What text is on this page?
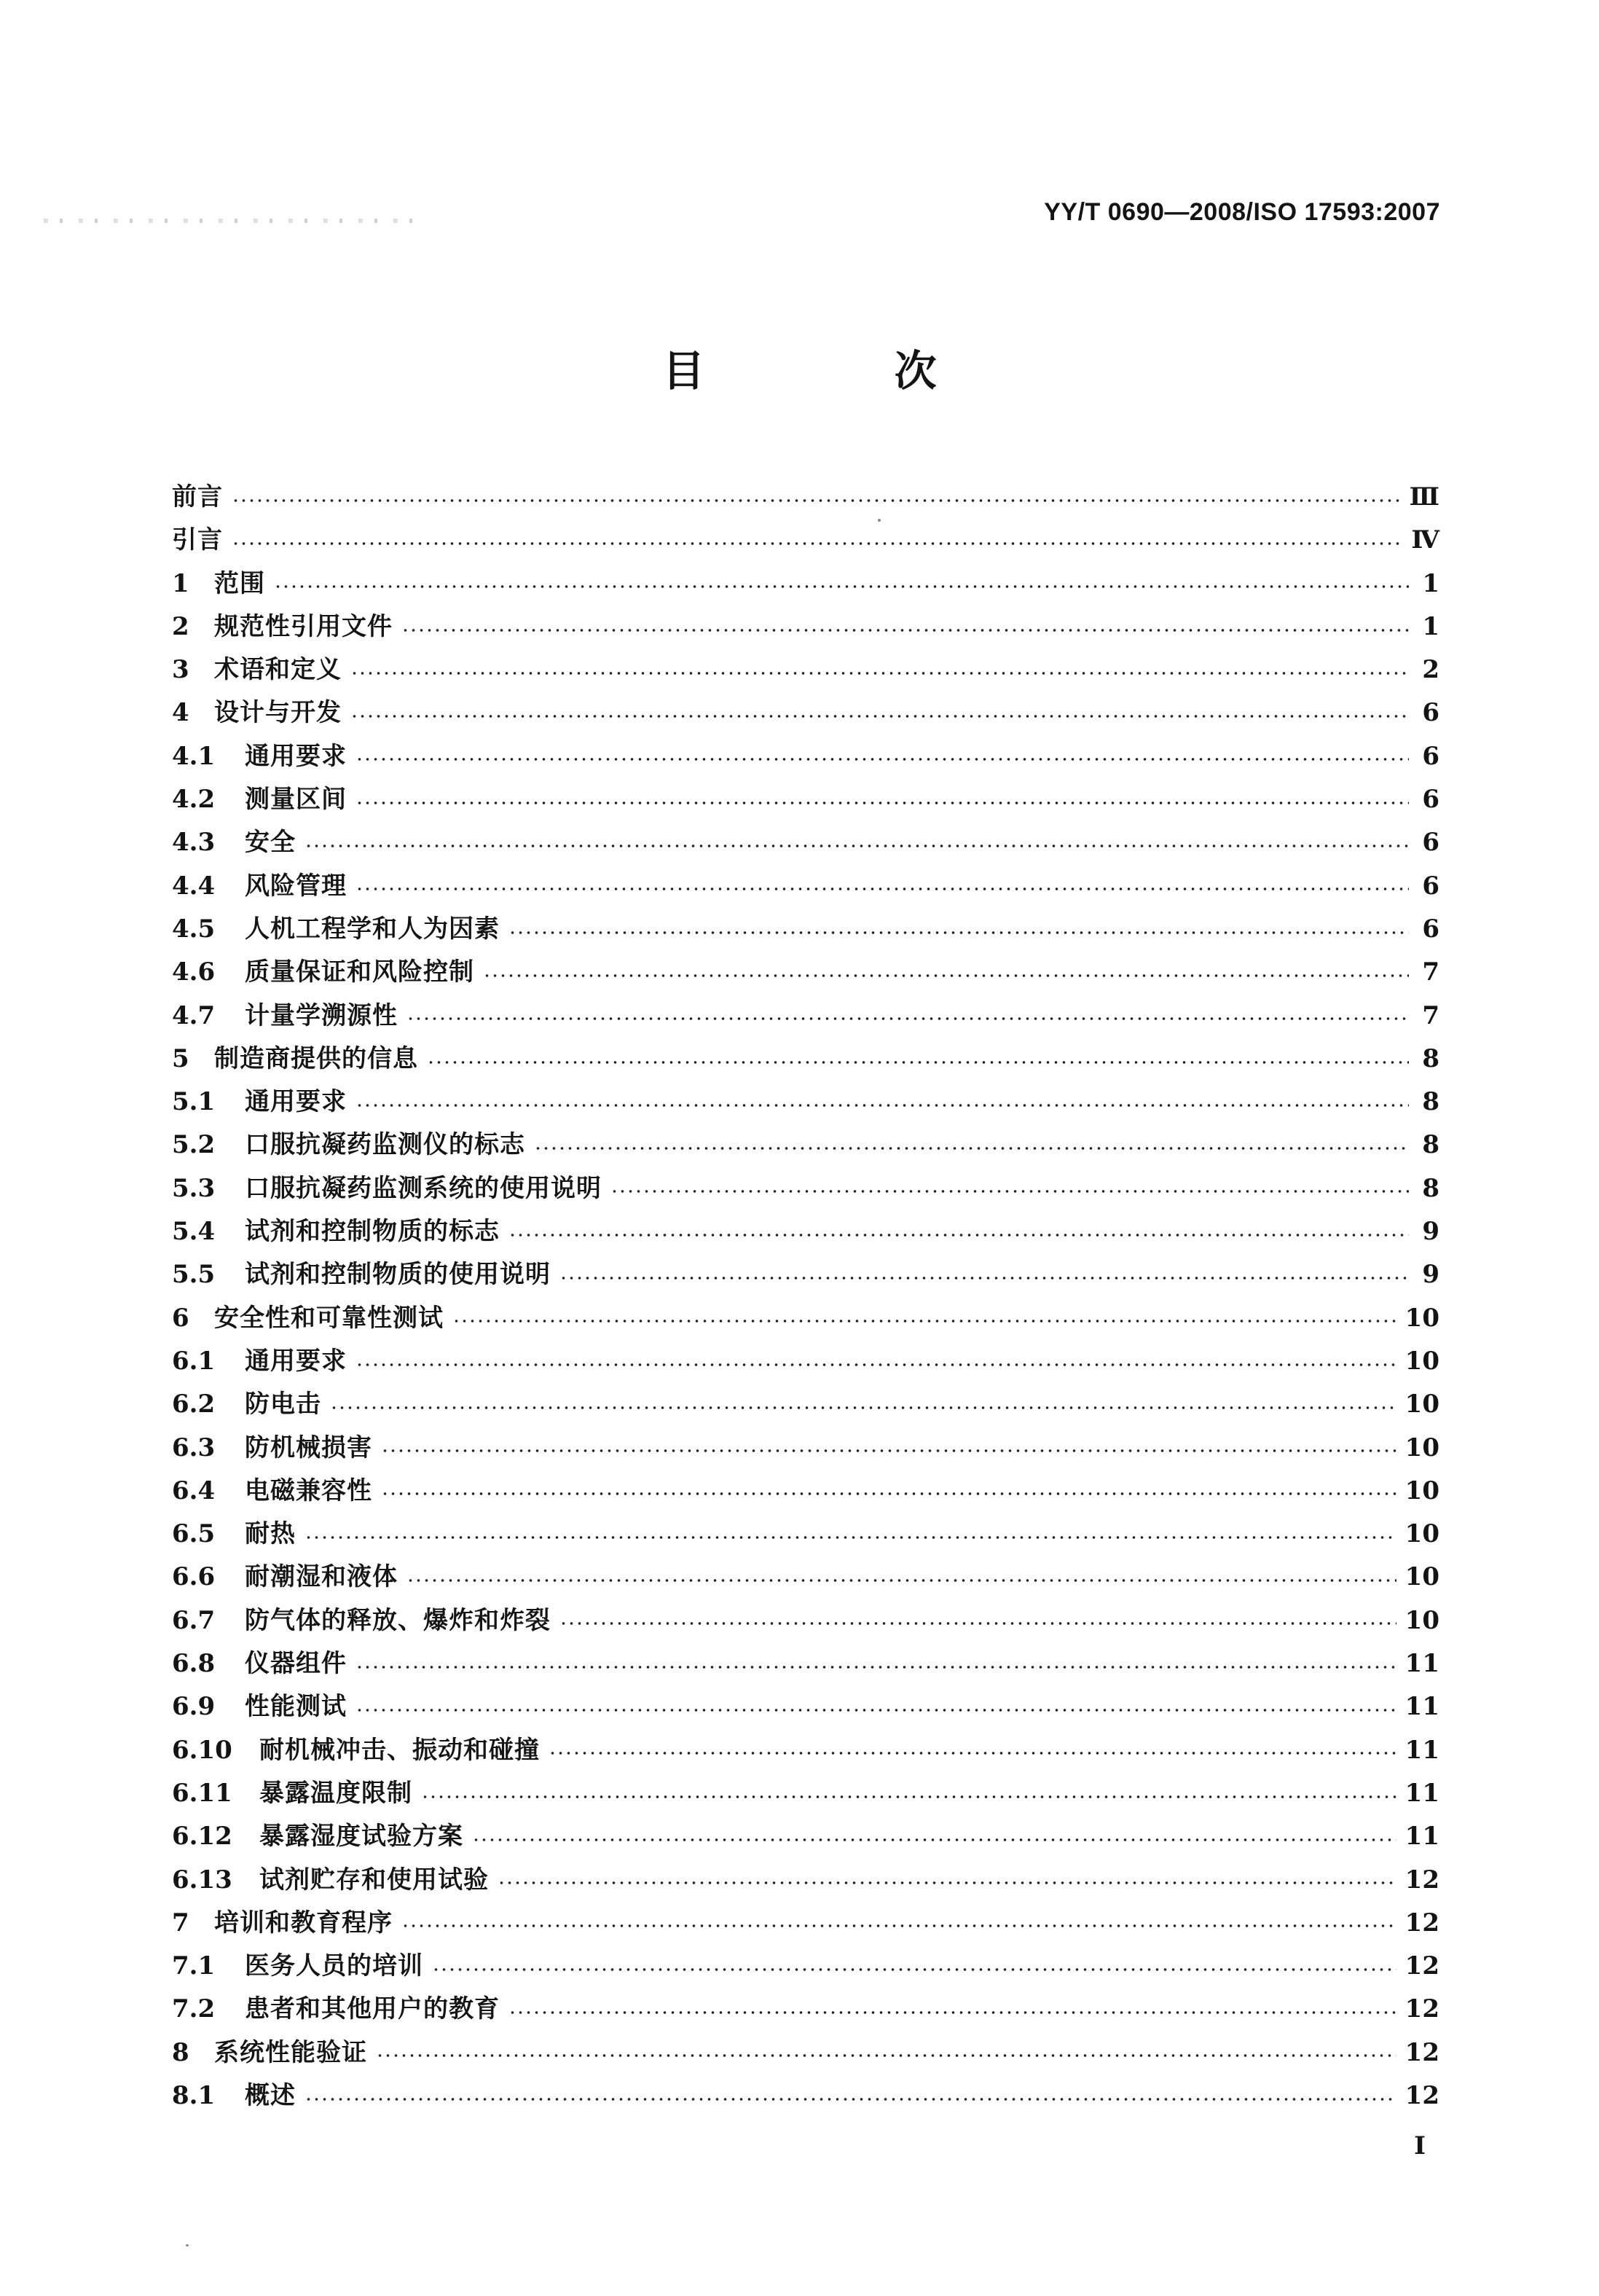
YY/T 0690—2008/ISO 17593:2007
目 次
前言	Ⅲ
引言	Ⅳ
1	范围	1
2	规范性引用文件	1
3	术语和定义	2
4	设计与开发	6
4.1	通用要求	6
4.2	测量区间	6
4.3	安全	6
4.4	风险管理	6
4.5	人机工程学和人为因素	6
4.6	质量保证和风险控制	7
4.7	计量学溯源性	7
5	制造商提供的信息	8
5.1	通用要求	8
5.2	口服抗凝药监测仪的标志	8
5.3	口服抗凝药监测系统的使用说明	8
5.4	试剂和控制物质的标志	9
5.5	试剂和控制物质的使用说明	9
6	安全性和可靠性测试	10
6.1	通用要求	10
6.2	防电击	10
6.3	防机械损害	10
6.4	电磁兼容性	10
6.5	耐热	10
6.6	耐潮湿和液体	10
6.7	防气体的释放、爆炸和炸裂	10
6.8	仪器组件	11
6.9	性能测试	11
6.10	耐机械冲击、振动和碰撞	11
6.11	暴露温度限制	11
6.12	暴露湿度试验方案	11
6.13	试剂贮存和使用试验	12
7	培训和教育程序	12
7.1	医务人员的培训	12
7.2	患者和其他用户的教育	12
8	系统性能验证	12
8.1	概述	12
I
